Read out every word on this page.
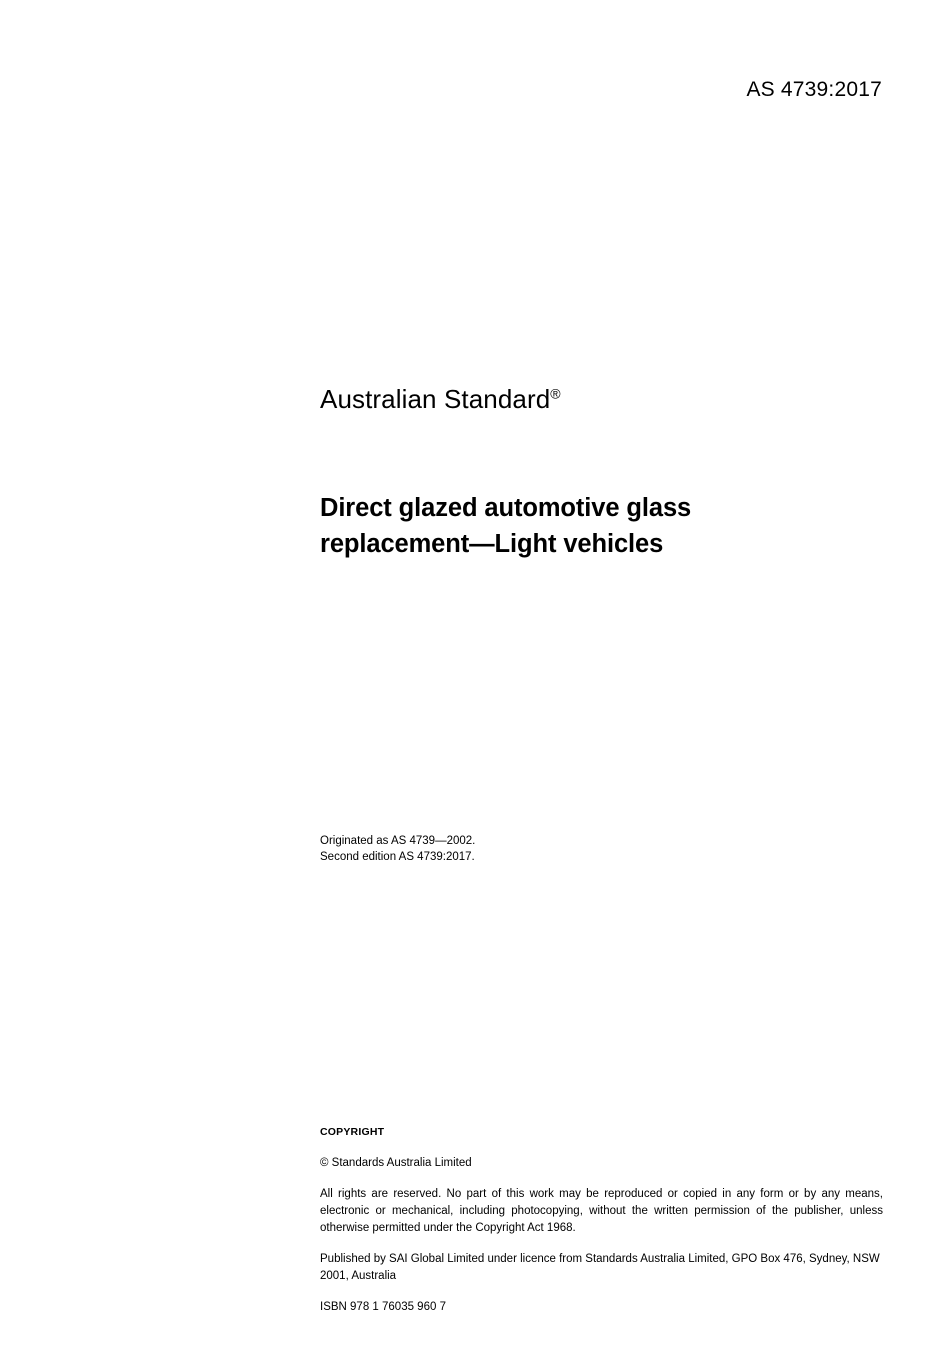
AS 4739:2017
Australian Standard®
Direct glazed automotive glass replacement—Light vehicles
Originated as AS 4739—2002.
Second edition AS 4739:2017.
COPYRIGHT
© Standards Australia Limited
All rights are reserved. No part of this work may be reproduced or copied in any form or by any means, electronic or mechanical, including photocopying, without the written permission of the publisher, unless otherwise permitted under the Copyright Act 1968.
Published by SAI Global Limited under licence from Standards Australia Limited, GPO Box 476, Sydney, NSW 2001, Australia
ISBN 978 1 76035 960 7
